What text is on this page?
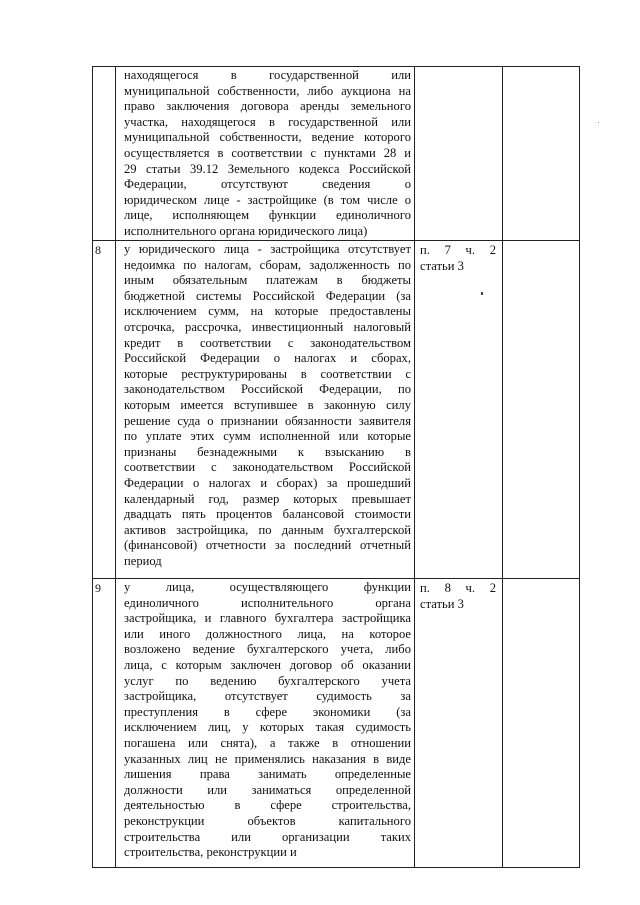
находящегося в государственной или
муниципальной собственности, либо аукциона на
право заключения договора аренды земельного
участка, находящегося в государственной или
муниципальной собственности, ведение которого
осуществляется в соответствии с пунктами 28 и
29 статьи 39.12 Земельного кодекса Российской
Федерации, отсутствуют сведения о
юридическом лице - застройщике (в том числе о
лице, исполняющем функции единоличного
исполнительного органа юридического лица)
8 у юридического лица - застройщика отсутствует
недоимка по налогам, сборам, задолженность по
иным обязательным платежам в бюджеты
бюджетной системы Российской Федерации (за
исключением сумм, на которые предоставлены
отсрочка, рассрочка, инвестиционный налоговый
кредит в соответствии с законодательством
Российской Федерации о налогах и сборах,
которые реструктурированы в соответствии с
законодательством Российской Федерации, по
которым имеется вступившее в законную силу
решение суда о признании обязанности заявителя
по уплате этих сумм исполненной или которые
признаны безнадежными к взысканию в
соответствии с законодательством Российской
Федерации о налогах и сборах) за прошедший
календарный год, размер которых превышает
двадцать пять процентов балансовой стоимости
активов застройщика, по данным бухгалтерской
(финансовой) отчетности за последний отчетный
период
п. 7 ч. 2
статьи 3
9 у лица, осуществляющего функции
единоличного исполнительного органа
застройщика, и главного бухгалтера застройщика
или иного должностного лица, на которое
возложено ведение бухгалтерского учета, либо
лица, с которым заключен договор об оказании
услуг по ведению бухгалтерского учета
застройщика, отсутствует судимость за
преступления в сфере экономики (за
исключением лиц, у которых такая судимость
погашена или снята), а также в отношении
указанных лиц не применялись наказания в виде
лишения права занимать определенные
должности или заниматься определенной
деятельностью в сфере строительства,
реконструкции объектов капитального
строительства или организации таких
строительства, реконструкции и
п. 8 ч. 2
статьи 3
